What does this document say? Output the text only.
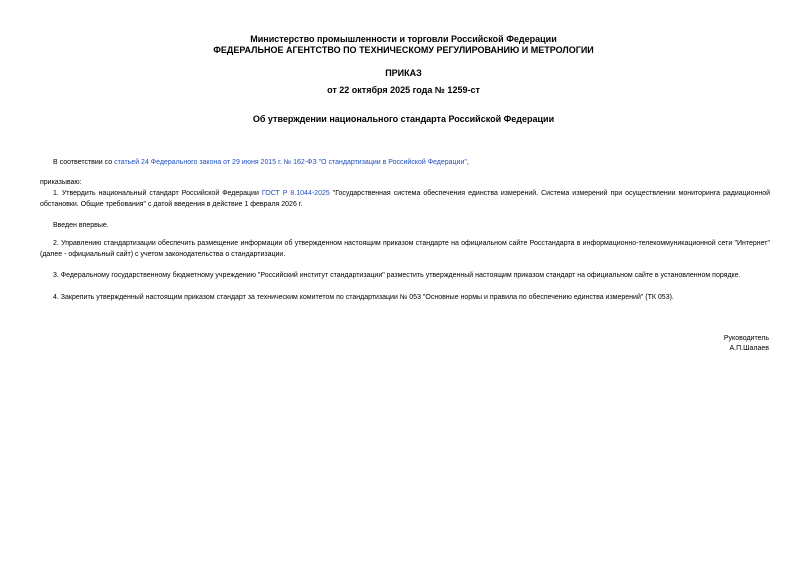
Министерство промышленности и торговли Российской Федерации
ФЕДЕРАЛЬНОЕ АГЕНТСТВО ПО ТЕХНИЧЕСКОМУ РЕГУЛИРОВАНИЮ И МЕТРОЛОГИИ
ПРИКАЗ
от 22 октября 2025 года № 1259-ст
Об утверждении национального стандарта Российской Федерации
В соответствии со статьей 24 Федерального закона от 29 июня 2015 г. № 162-ФЗ "О стандартизации в Российской Федерации",
приказываю:
1. Утвердить национальный стандарт Российской Федерации ГОСТ Р 8.1044-2025 "Государственная система обеспечения единства измерений. Система измерений при осуществлении мониторинга радиационной обстановки. Общие требования" с датой введения в действие 1 февраля 2026 г.
Введен впервые.
2. Управлению стандартизации обеспечить размещение информации об утвержденном настоящим приказом стандарте на официальном сайте Росстандарта в информационно-телекоммуникационной сети "Интернет" (далее - официальный сайт) с учетом законодательства о стандартизации.
3. Федеральному государственному бюджетному учреждению "Российский институт стандартизации" разместить утвержденный настоящим приказом стандарт на официальном сайте в установленном порядке.
4. Закрепить утвержденный настоящим приказом стандарт за техническим комитетом по стандартизации № 053 "Основные нормы и правила по обеспечению единства измерений" (ТК 053).
Руководитель
А.П.Шалаев
